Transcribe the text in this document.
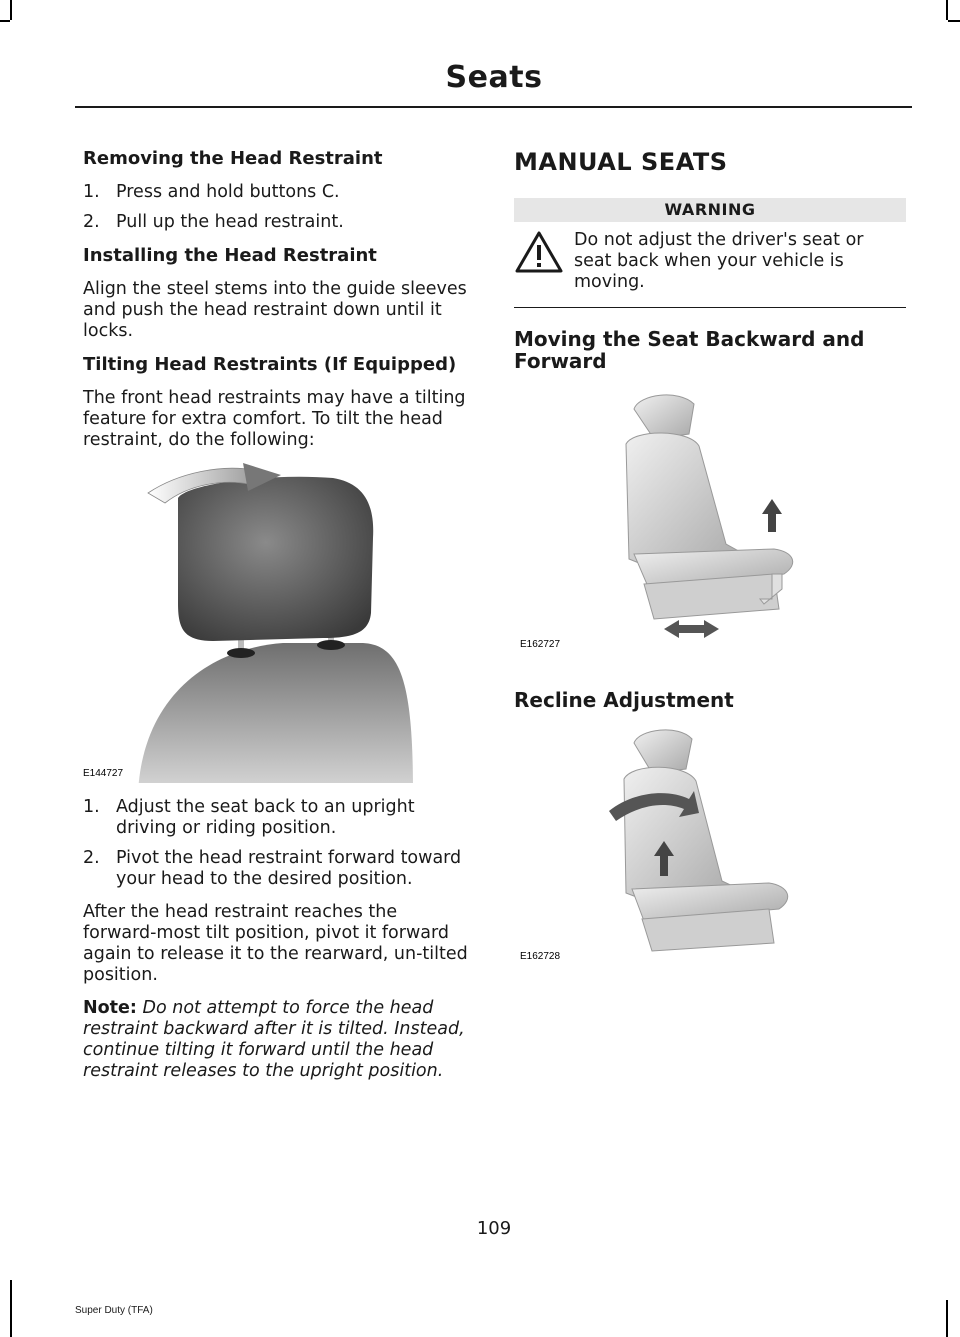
Seats
Removing the Head Restraint
1. Press and hold buttons C.
2. Pull up the head restraint.
Installing the Head Restraint

Align the steel stems into the guide sleeves and push the head restraint down until it locks.

Tilting Head Restraints (If Equipped)

The front head restraints may have a tilting feature for extra comfort. To tilt the head restraint, do the following:

E144727
1. Adjust the seat back to an upright driving or riding position.
2. Pivot the head restraint forward toward your head to the desired position.

After the head restraint reaches the forward-most tilt position, pivot it forward again to release it to the rearward, un-tilted position.

Note: Do not attempt to force the head restraint backward after it is tilted. Instead, continue tilting it forward until the head restraint releases to the upright position.

MANUAL SEATS
WARNING
Do not adjust the driver's seat or seat back when your vehicle is moving.
Moving the Seat Backward and Forward
E162727
Recline Adjustment
E162728
109
Super Duty (TFA)
